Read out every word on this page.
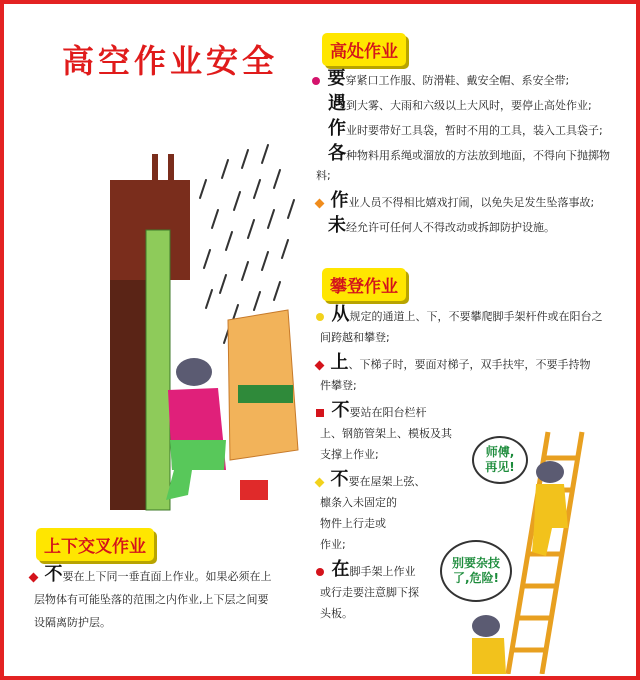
高空作业安全	高处作业
要穿紧口工作服、防滑鞋、戴安全帽、系安全带;
遇到大雾、大雨和六级以上大风时，要停止高处作业;
作业时要带好工具袋，暂时不用的工具，装入工具袋子;
各种物料用系绳或溜放的方法放到地面，不得向下抛掷物
料;
作业人员不得相比嬉戏打闹，以免失足发生坠落事故;
未经允许可任何人不得改动或拆卸防护设施。
攀登作业
从规定的通道上、下，不要攀爬脚手架杆件或在阳台之
间跨越和攀登;
上、下梯子时，要面对梯子，双手扶牢，不要手持物
件攀登;
不要站在阳台栏杆
上、钢筋管架上、模板及其
支撑上作业;
不要在屋架上弦、
檩条入未固定的
物件上行走或
作业;
在脚手架上作业
或行走要注意脚下探
头板。
师傅,
再见!
别要杂技
了,危险!
上下交叉作业
不要在上下同一垂直面上作业。如果必须在上
层物体有可能坠落的范围之内作业,上下层之间要
设隔离防护层。
